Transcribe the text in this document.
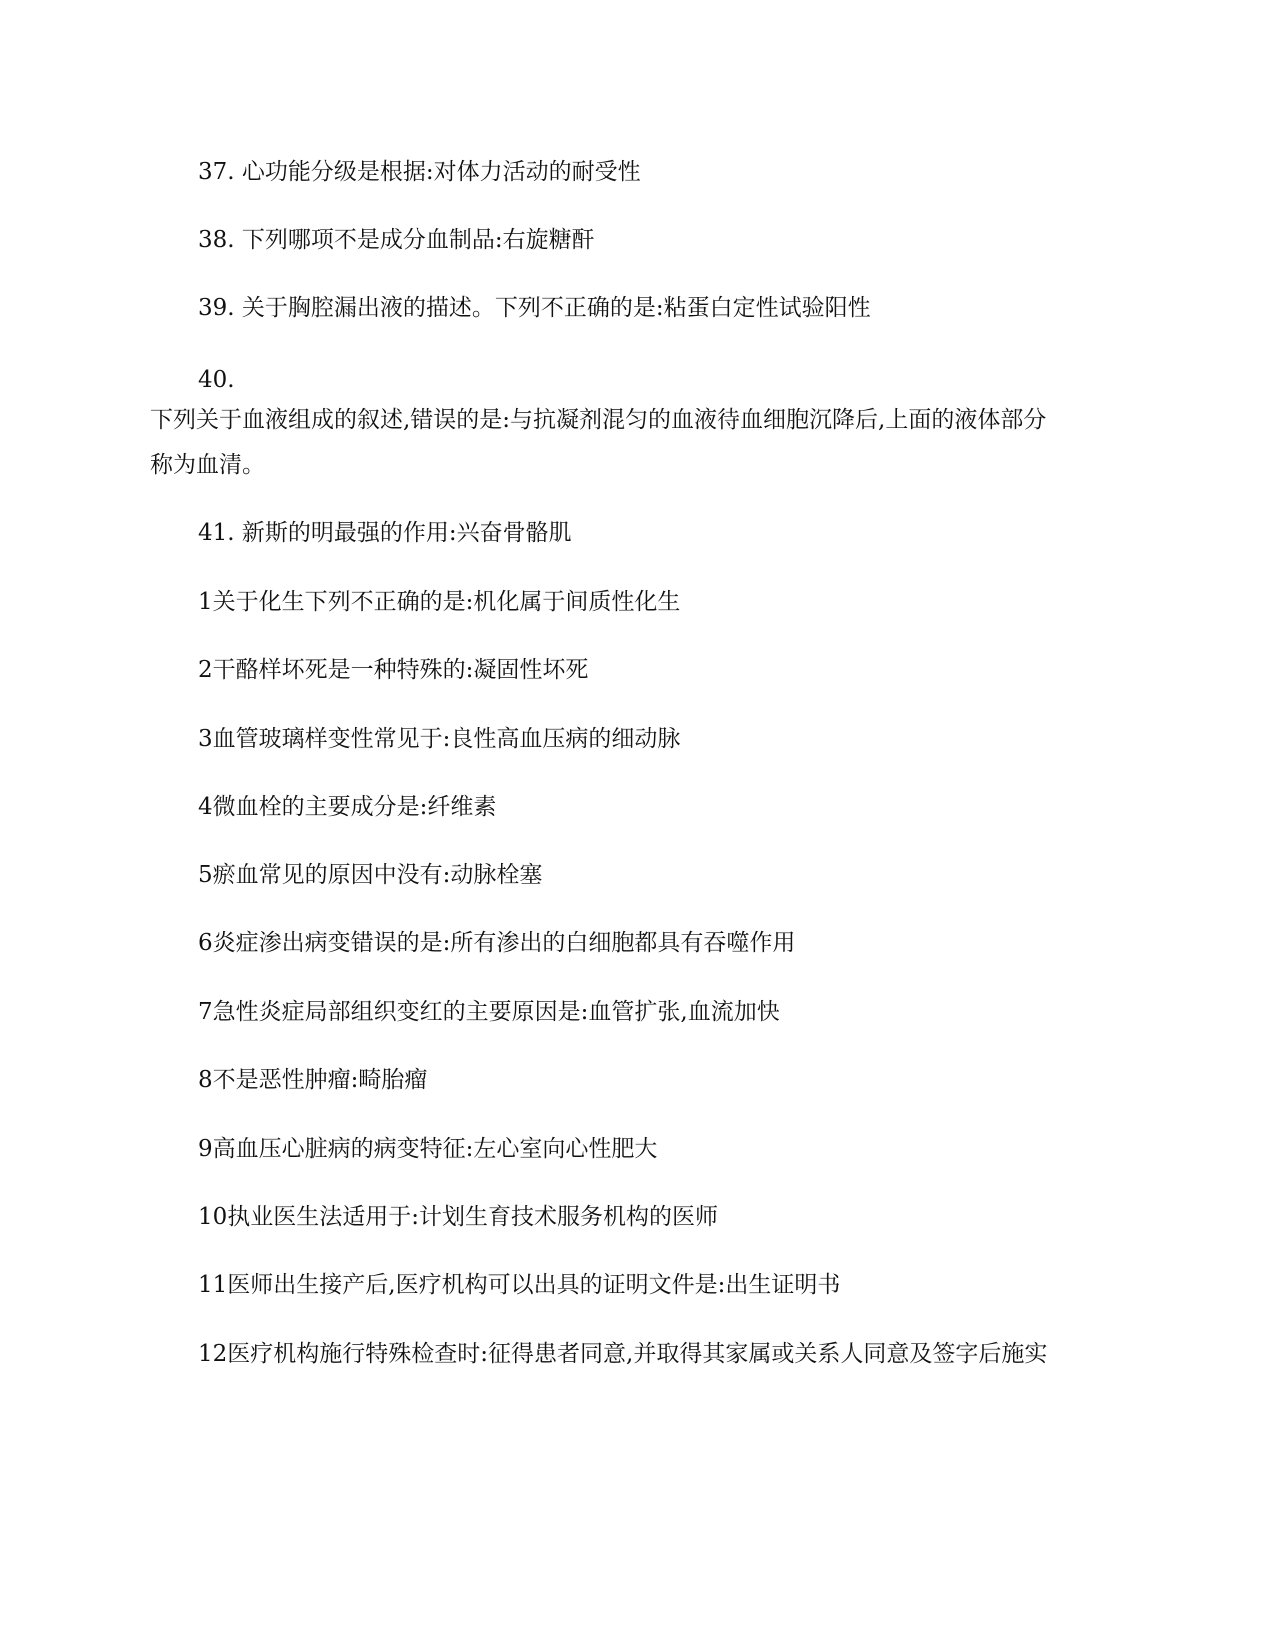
37. 心功能分级是根据:对体力活动的耐受性
38. 下列哪项不是成分血制品:右旋糖酐
39. 关于胸腔漏出液的描述。下列不正确的是:粘蛋白定性试验阳性
40.
下列关于血液组成的叙述,错误的是:与抗凝剂混匀的血液待血细胞沉降后,上面的液体部分
称为血清。
41. 新斯的明最强的作用:兴奋骨骼肌
1关于化生下列不正确的是:机化属于间质性化生
2干酪样坏死是一种特殊的:凝固性坏死
3血管玻璃样变性常见于:良性高血压病的细动脉
4微血栓的主要成分是:纤维素
5瘀血常见的原因中没有:动脉栓塞
6炎症渗出病变错误的是:所有渗出的白细胞都具有吞噬作用
7急性炎症局部组织变红的主要原因是:血管扩张,血流加快
8不是恶性肿瘤:畸胎瘤
9高血压心脏病的病变特征:左心室向心性肥大
10执业医生法适用于:计划生育技术服务机构的医师
11医师出生接产后,医疗机构可以出具的证明文件是:出生证明书
12医疗机构施行特殊检查时:征得患者同意,并取得其家属或关系人同意及签字后施实
